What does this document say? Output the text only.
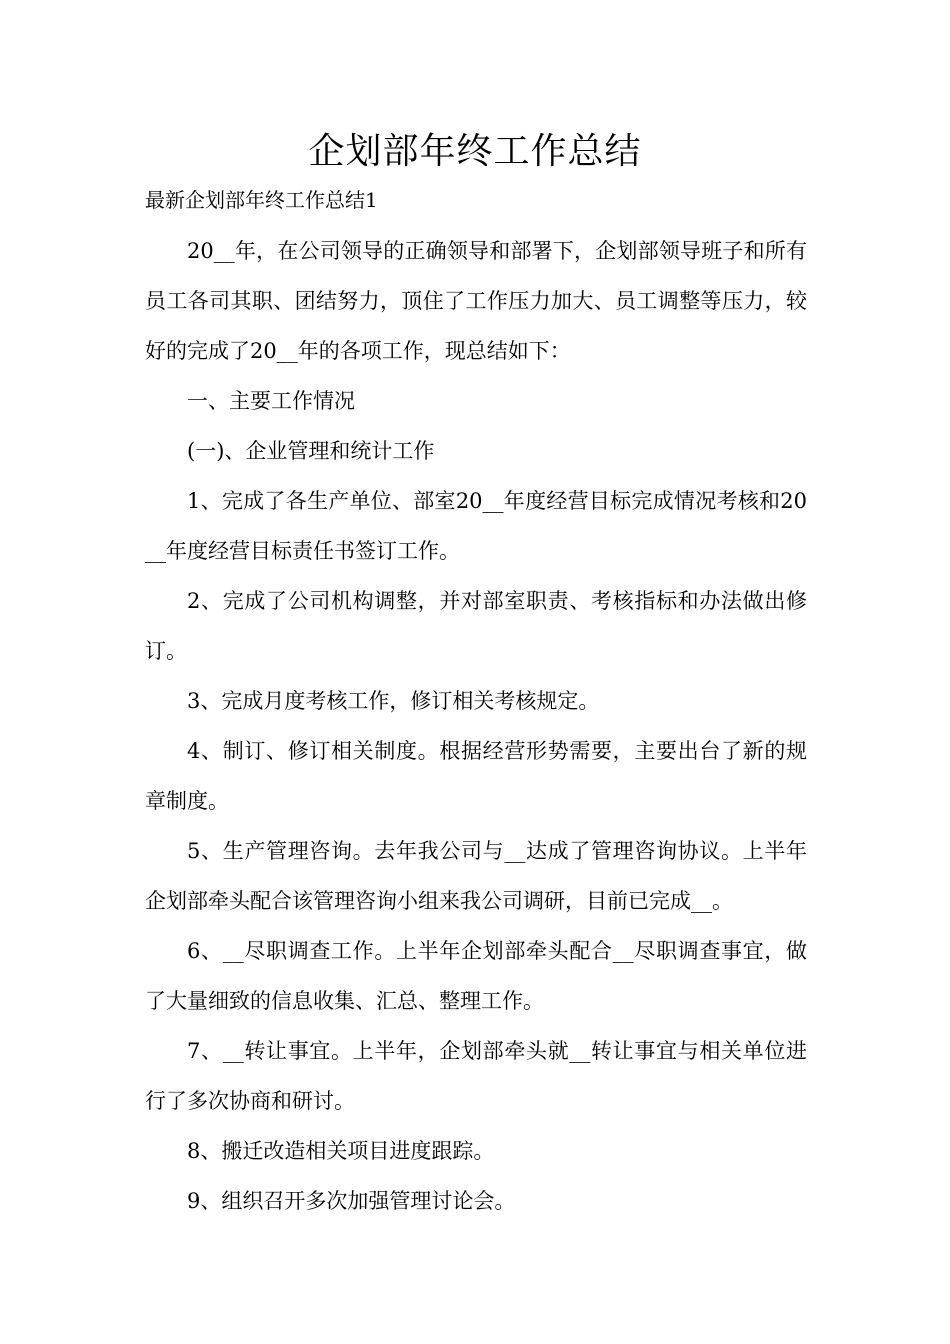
企划部年终工作总结
最新企划部年终工作总结1

20__年，在公司领导的正确领导和部署下，企划部领导班子和所有员工各司其职、团结努力，顶住了工作压力加大、员工调整等压力，较好的完成了20__年的各项工作，现总结如下：

一、主要工作情况

(一)、企业管理和统计工作

1、完成了各生产单位、部室20__年度经营目标完成情况考核和20__年度经营目标责任书签订工作。

2、完成了公司机构调整，并对部室职责、考核指标和办法做出修订。

3、完成月度考核工作，修订相关考核规定。

4、制订、修订相关制度。根据经营形势需要，主要出台了新的规章制度。

5、生产管理咨询。去年我公司与__达成了管理咨询协议。上半年企划部牵头配合该管理咨询小组来我公司调研，目前已完成__。

6、__尽职调查工作。上半年企划部牵头配合__尽职调查事宜，做了大量细致的信息收集、汇总、整理工作。

7、__转让事宜。上半年，企划部牵头就__转让事宜与相关单位进行了多次协商和研讨。

8、搬迁改造相关项目进度跟踪。

9、组织召开多次加强管理讨论会。
